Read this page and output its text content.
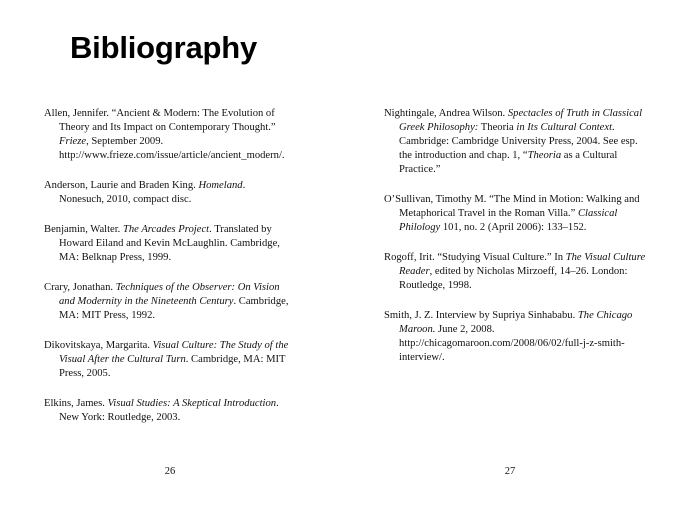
Bibliography
Allen, Jennifer. “Ancient & Modern: The Evolution of Theory and Its Impact on Contemporary Thought.” Frieze, September 2009. http://www.frieze.com/issue/article/ancient_modern/.
Anderson, Laurie and Braden King. Homeland. Nonesuch, 2010, compact disc.
Benjamin, Walter. The Arcades Project. Translated by Howard Eiland and Kevin McLaughlin. Cambridge, MA: Belknap Press, 1999.
Crary, Jonathan. Techniques of the Observer: On Vision and Modernity in the Nineteenth Century. Cambridge, MA: MIT Press, 1992.
Dikovitskaya, Margarita. Visual Culture: The Study of the Visual After the Cultural Turn. Cambridge, MA: MIT Press, 2005.
Elkins, James. Visual Studies: A Skeptical Introduction. New York: Routledge, 2003.
26
Nightingale, Andrea Wilson. Spectacles of Truth in Classical Greek Philosophy: Theoria in Its Cultural Context. Cambridge: Cambridge University Press, 2004. See esp. the introduction and chap. 1, “Theoria as a Cultural Practice.”
O’Sullivan, Timothy M. “The Mind in Motion: Walking and Metaphorical Travel in the Roman Villa.” Classical Philology 101, no. 2 (April 2006): 133–152.
Rogoff, Irit. “Studying Visual Culture.” In The Visual Culture Reader, edited by Nicholas Mirzoeff, 14–26. London: Routledge, 1998.
Smith, J. Z. Interview by Supriya Sinhababu. The Chicago Maroon. June 2, 2008. http://chicagomaroon.com/2008/06/02/full-j-z-smith-interview/.
27
